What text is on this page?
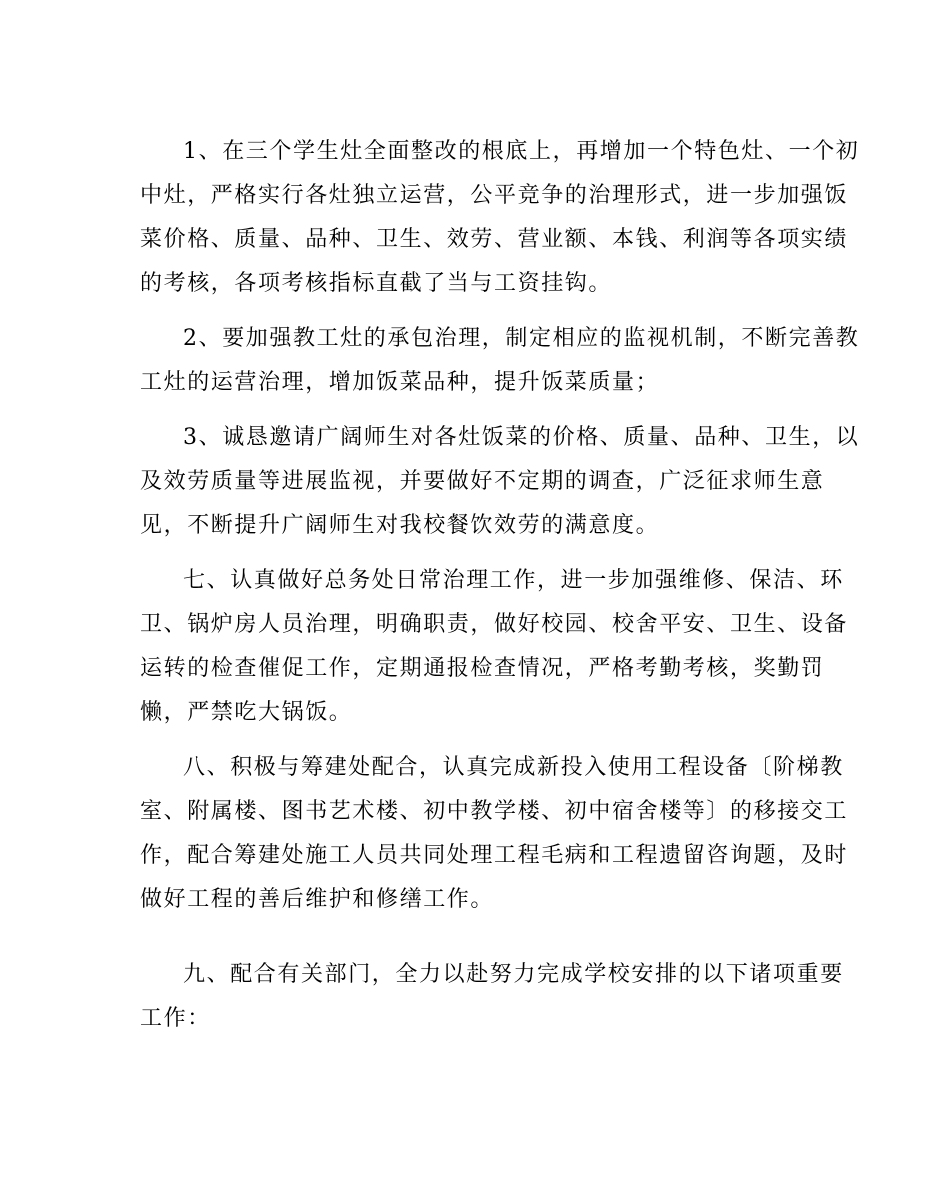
1、在三个学生灶全面整改的根底上，再增加一个特色灶、一个初
中灶，严格实行各灶独立运营，公平竞争的治理形式，进一步加强饭
菜价格、质量、品种、卫生、效劳、营业额、本钱、利润等各项实绩
的考核，各项考核指标直截了当与工资挂钩。
2、要加强教工灶的承包治理，制定相应的监视机制，不断完善教
工灶的运营治理，增加饭菜品种，提升饭菜质量；
3、诚恳邀请广阔师生对各灶饭菜的价格、质量、品种、卫生，以
及效劳质量等进展监视，并要做好不定期的调查，广泛征求师生意
见，不断提升广阔师生对我校餐饮效劳的满意度。
七、认真做好总务处日常治理工作，进一步加强维修、保洁、环
卫、锅炉房人员治理，明确职责，做好校园、校舍平安、卫生、设备
运转的检查催促工作，定期通报检查情况，严格考勤考核，奖勤罚
懒，严禁吃大锅饭。
八、积极与筹建处配合，认真完成新投入使用工程设备〔阶梯教
室、附属楼、图书艺术楼、初中教学楼、初中宿舍楼等〕的移接交工
作，配合筹建处施工人员共同处理工程毛病和工程遗留咨询题，及时
做好工程的善后维护和修缮工作。
九、配合有关部门，全力以赴努力完成学校安排的以下诸项重要
工作：
